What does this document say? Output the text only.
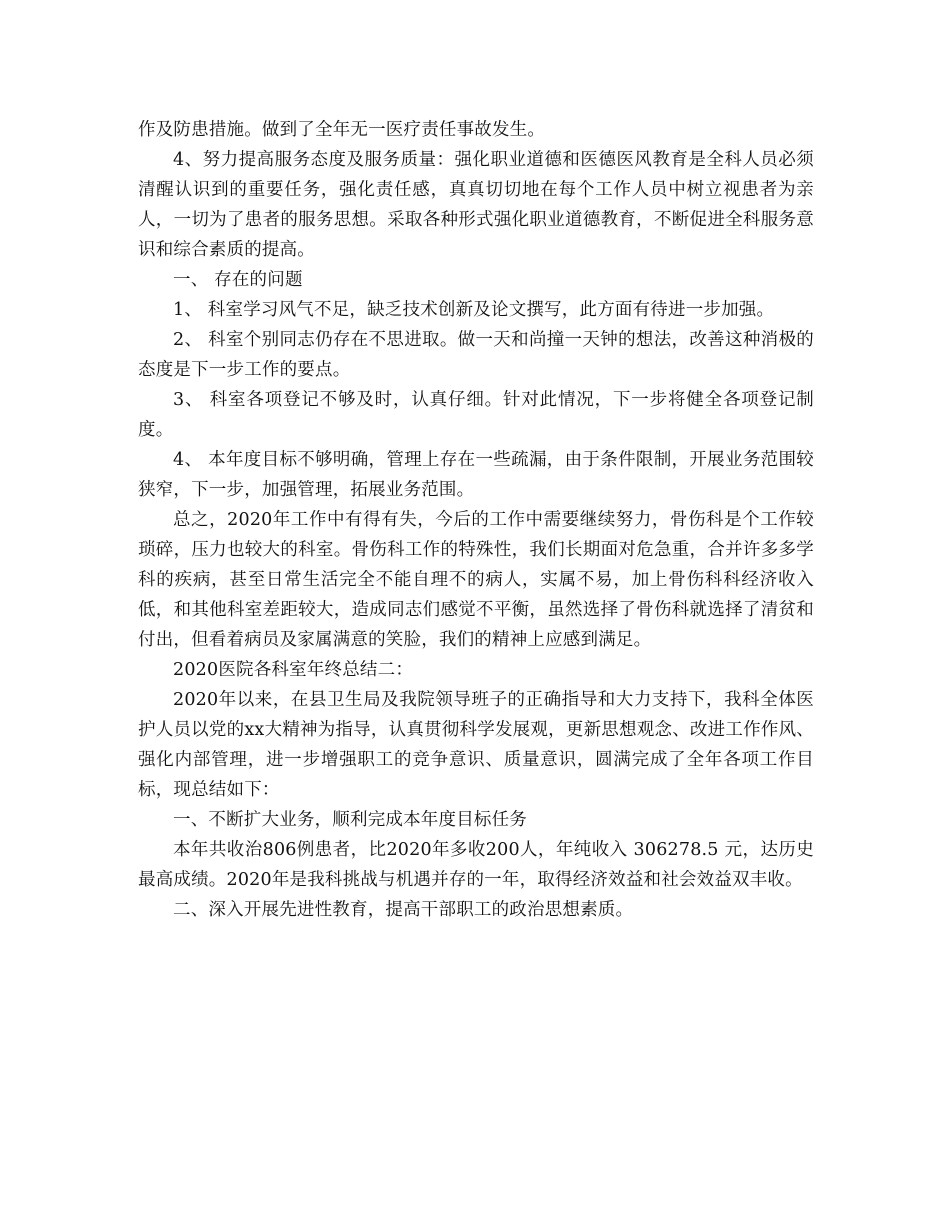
作及防患措施。做到了全年无一医疗责任事故发生。

4、努力提高服务态度及服务质量：强化职业道德和医德医风教育是全科人员必须清醒认识到的重要任务，强化责任感，真真切切地在每个工作人员中树立视患者为亲人，一切为了患者的服务思想。采取各种形式强化职业道德教育，不断促进全科服务意识和综合素质的提高。

一、 存在的问题

1、 科室学习风气不足，缺乏技术创新及论文撰写，此方面有待进一步加强。

2、 科室个别同志仍存在不思进取。做一天和尚撞一天钟的想法，改善这种消极的态度是下一步工作的要点。

3、 科室各项登记不够及时，认真仔细。针对此情况，下一步将健全各项登记制度。

4、 本年度目标不够明确，管理上存在一些疏漏，由于条件限制，开展业务范围较狭窄，下一步，加强管理，拓展业务范围。

总之，2020年工作中有得有失，今后的工作中需要继续努力，骨伤科是个工作较琐碎，压力也较大的科室。骨伤科工作的特殊性，我们长期面对危急重，合并许多多学科的疾病，甚至日常生活完全不能自理不的病人，实属不易，加上骨伤科科经济收入低，和其他科室差距较大，造成同志们感觉不平衡，虽然选择了骨伤科就选择了清贫和付出，但看着病员及家属满意的笑脸，我们的精神上应感到满足。

2020医院各科室年终总结二：

2020年以来，在县卫生局及我院领导班子的正确指导和大力支持下，我科全体医护人员以党的xx大精神为指导，认真贯彻科学发展观，更新思想观念、改进工作作风、强化内部管理，进一步增强职工的竞争意识、质量意识，圆满完成了全年各项工作目标，现总结如下：

一、不断扩大业务，顺利完成本年度目标任务

本年共收治806例患者，比2020年多收200人，年纯收入 306278.5 元，达历史最高成绩。2020年是我科挑战与机遇并存的一年，取得经济效益和社会效益双丰收。

二、深入开展先进性教育，提高干部职工的政治思想素质。
